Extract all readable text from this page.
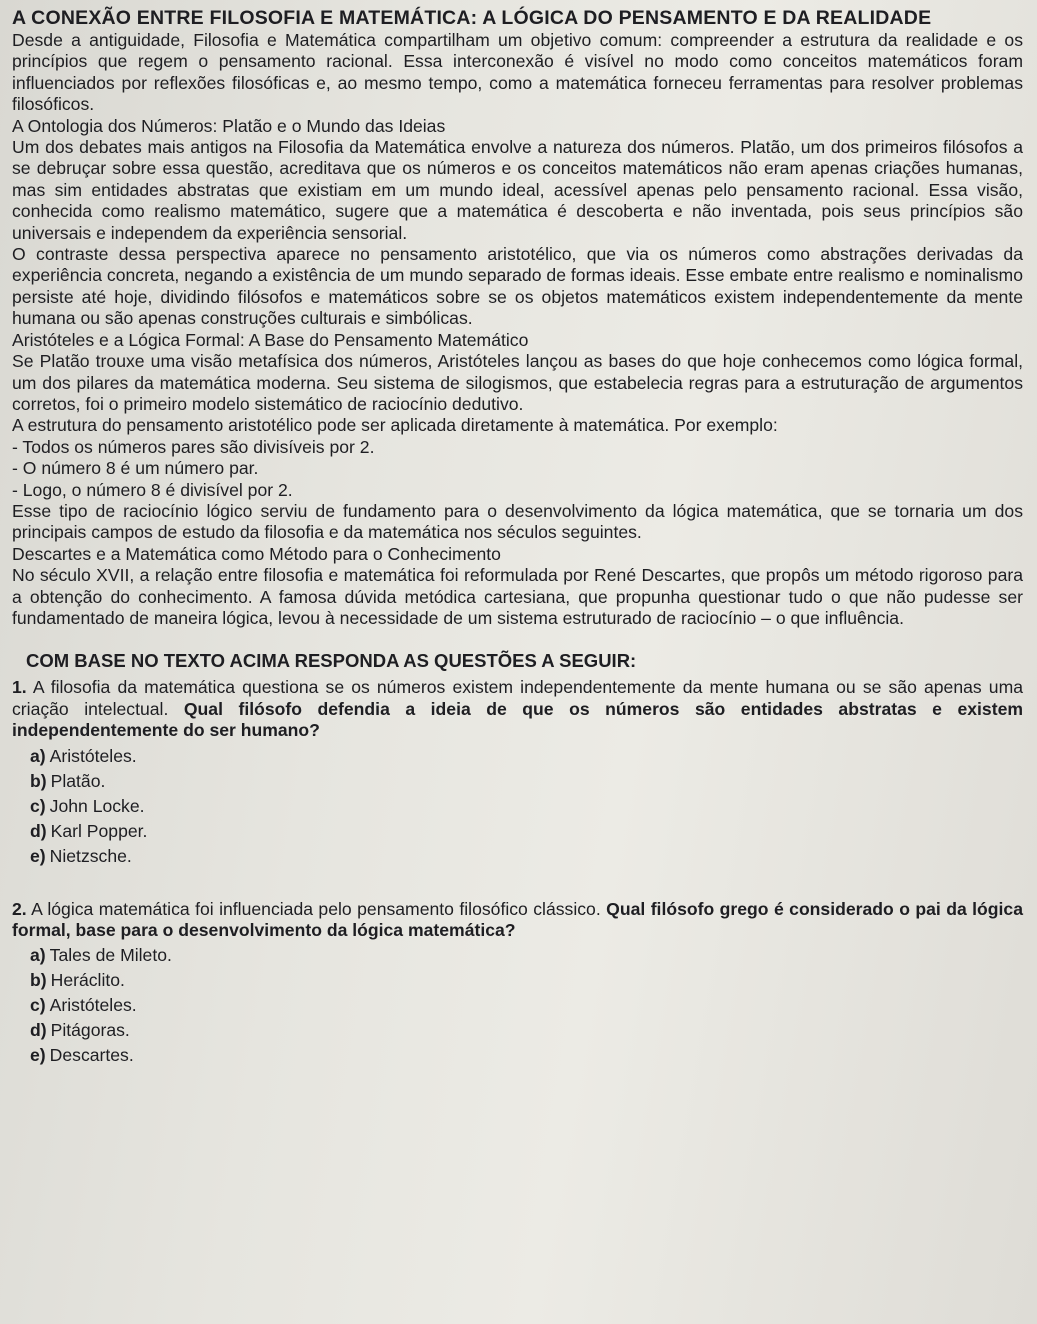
A CONEXÃO ENTRE FILOSOFIA E MATEMÁTICA: A LÓGICA DO PENSAMENTO E DA REALIDADE

Desde a antiguidade, Filosofia e Matemática compartilham um objetivo comum: compreender a estrutura da realidade e os princípios que regem o pensamento racional. Essa interconexão é visível no modo como conceitos matemáticos foram influenciados por reflexões filosóficas e, ao mesmo tempo, como a matemática forneceu ferramentas para resolver problemas filosóficos.

A Ontologia dos Números: Platão e o Mundo das Ideias

Um dos debates mais antigos na Filosofia da Matemática envolve a natureza dos números. Platão, um dos primeiros filósofos a se debruçar sobre essa questão, acreditava que os números e os conceitos matemáticos não eram apenas criações humanas, mas sim entidades abstratas que existiam em um mundo ideal, acessível apenas pelo pensamento racional. Essa visão, conhecida como realismo matemático, sugere que a matemática é descoberta e não inventada, pois seus princípios são universais e independem da experiência sensorial.

O contraste dessa perspectiva aparece no pensamento aristotélico, que via os números como abstrações derivadas da experiência concreta, negando a existência de um mundo separado de formas ideais. Esse embate entre realismo e nominalismo persiste até hoje, dividindo filósofos e matemáticos sobre se os objetos matemáticos existem independentemente da mente humana ou são apenas construções culturais e simbólicas.

Aristóteles e a Lógica Formal: A Base do Pensamento Matemático

Se Platão trouxe uma visão metafísica dos números, Aristóteles lançou as bases do que hoje conhecemos como lógica formal, um dos pilares da matemática moderna. Seu sistema de silogismos, que estabelecia regras para a estruturação de argumentos corretos, foi o primeiro modelo sistemático de raciocínio dedutivo.

A estrutura do pensamento aristotélico pode ser aplicada diretamente à matemática. Por exemplo:

- Todos os números pares são divisíveis por 2.
- O número 8 é um número par.
- Logo, o número 8 é divisível por 2.

Esse tipo de raciocínio lógico serviu de fundamento para o desenvolvimento da lógica matemática, que se tornaria um dos principais campos de estudo da filosofia e da matemática nos séculos seguintes.

Descartes e a Matemática como Método para o Conhecimento

No século XVII, a relação entre filosofia e matemática foi reformulada por René Descartes, que propôs um método rigoroso para a obtenção do conhecimento. A famosa dúvida metódica cartesiana, que propunha questionar tudo o que não pudesse ser fundamentado de maneira lógica, levou à necessidade de um sistema estruturado de raciocínio – o que influência.

COM BASE NO TEXTO ACIMA RESPONDA AS QUESTÕES A SEGUIR:
1. A filosofia da matemática questiona se os números existem independentemente da mente humana ou se são apenas uma criação intelectual. Qual filósofo defendia a ideia de que os números são entidades abstratas e existem independentemente do ser humano?
a) Aristóteles.
b) Platão.
c) John Locke.
d) Karl Popper.
e) Nietzsche.
2. A lógica matemática foi influenciada pelo pensamento filosófico clássico. Qual filósofo grego é considerado o pai da lógica formal, base para o desenvolvimento da lógica matemática?
a) Tales de Mileto.
b) Heráclito.
c) Aristóteles.
d) Pitágoras.
e) Descartes.
